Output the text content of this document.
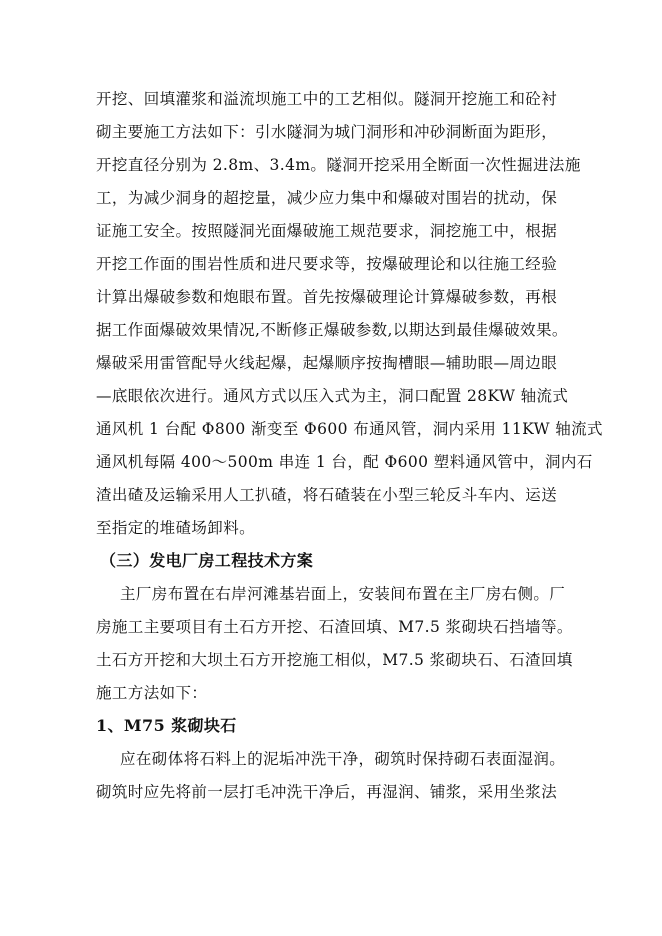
开挖、回填灌浆和溢流坝施工中的工艺相似。隧洞开挖施工和砼衬
砌主要施工方法如下：引水隧洞为城门洞形和冲砂洞断面为距形，
开挖直径分别为 2.8m、3.4m。隧洞开挖采用全断面一次性掘进法施
工，为减少洞身的超挖量，减少应力集中和爆破对围岩的扰动，保
证施工安全。按照隧洞光面爆破施工规范要求，洞挖施工中，根据
开挖工作面的围岩性质和进尺要求等，按爆破理论和以往施工经验
计算出爆破参数和炮眼布置。首先按爆破理论计算爆破参数，再根
据工作面爆破效果情况,不断修正爆破参数,以期达到最佳爆破效果。
爆破采用雷管配导火线起爆，起爆顺序按掏槽眼—辅助眼—周边眼
—底眼依次进行。通风方式以压入式为主，洞口配置 28KW 轴流式
通风机 1 台配 Φ800 渐变至 Φ600 布通风管，洞内采用 11KW 轴流式
通风机每隔 400～500m 串连 1 台，配 Φ600 塑料通风管中，洞内石
渣出碴及运输采用人工扒碴，将石碴装在小型三轮反斗车内、运送
至指定的堆碴场卸料。
（三）发电厂房工程技术方案
主厂房布置在右岸河滩基岩面上，安装间布置在主厂房右侧。厂
房施工主要项目有土石方开挖、石渣回填、M7.5 浆砌块石挡墙等。
土石方开挖和大坝土石方开挖施工相似，M7.5 浆砌块石、石渣回填
施工方法如下：
1、M75 浆砌块石
应在砌体将石料上的泥垢冲洗干净，砌筑时保持砌石表面湿润。
砌筑时应先将前一层打毛冲洗干净后，再湿润、铺浆，采用坐浆法
